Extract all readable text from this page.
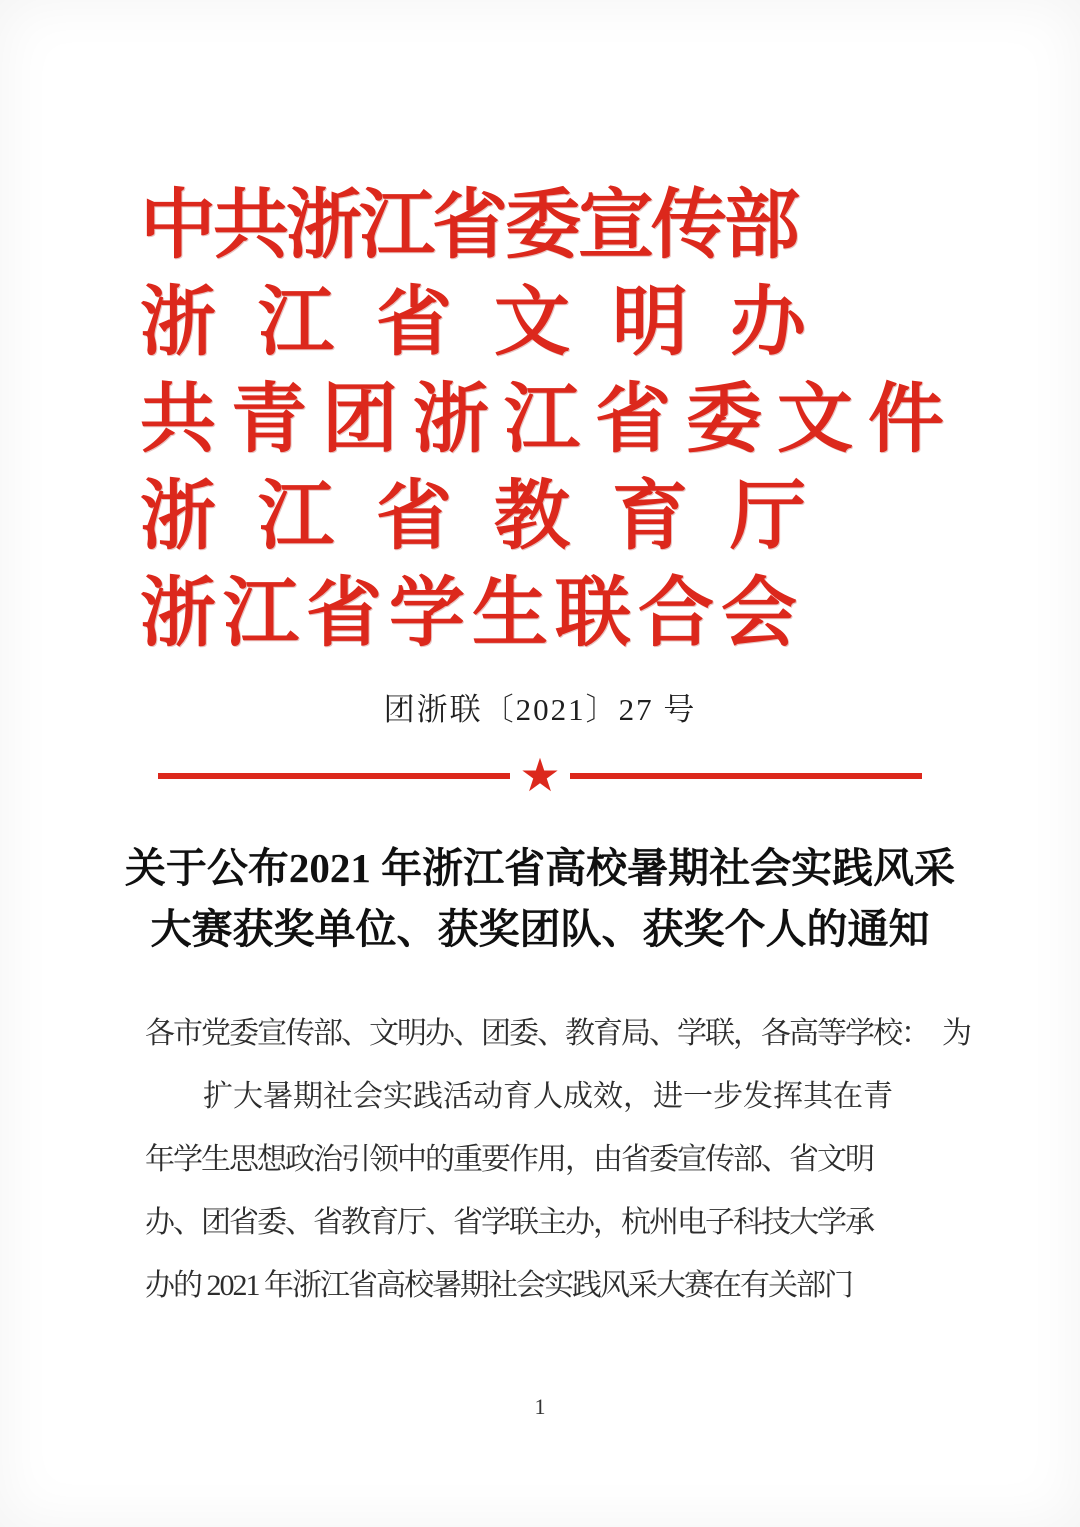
中共浙江省委宣传部
浙江省文明办
共青团浙江省委文件
浙江省教育厅
浙江省学生联合会
团浙联〔2021〕27 号
★
关于公布2021 年浙江省高校暑期社会实践风采
大赛获奖单位、获奖团队、获奖个人的通知
各市党委宣传部、文明办、团委、教育局、学联，各高等学校：　为
扩大暑期社会实践活动育人成效，进一步发挥其在青
年学生思想政治引领中的重要作用，由省委宣传部、省文明
办、团省委、省教育厅、省学联主办，杭州电子科技大学承
办的 2021 年浙江省高校暑期社会实践风采大赛在有关部门
1
